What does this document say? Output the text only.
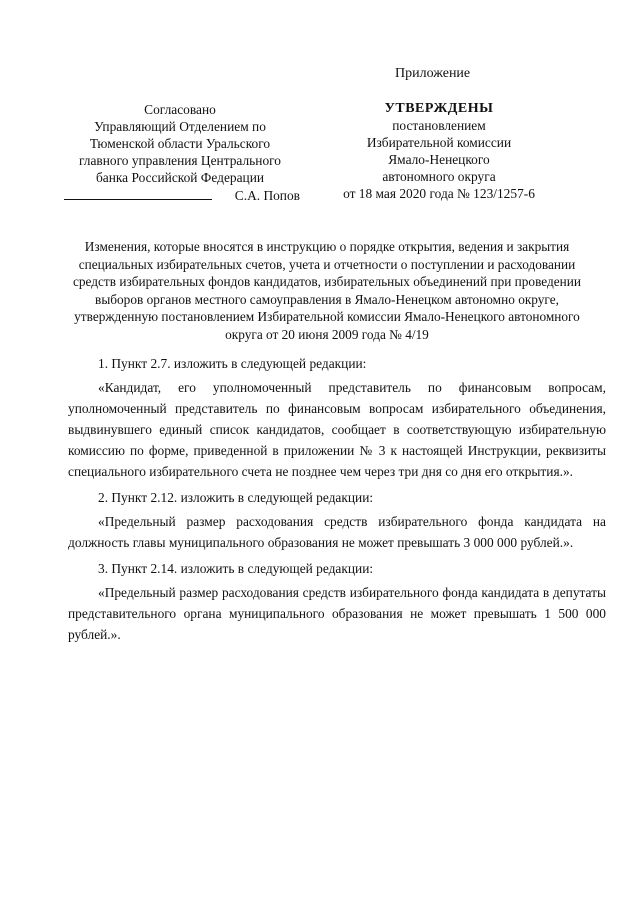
Приложение
Согласовано
Управляющий Отделением по
Тюменской области Уральского
главного управления Центрального
банка Российской Федерации
С.А. Попов
УТВЕРЖДЕНЫ
постановлением
Избирательной комиссии
Ямало-Ненецкого
автономного округа
от 18 мая 2020 года № 123/1257-6
Изменения, которые вносятся в инструкцию о порядке открытия, ведения и закрытия специальных избирательных счетов, учета и отчетности о поступлении и расходовании средств избирательных фондов кандидатов, избирательных объединений при проведении выборов органов местного самоуправления в Ямало-Ненецком автономно округе, утвержденную постановлением Избирательной комиссии Ямало-Ненецкого автономного округа от 20 июня 2009 года № 4/19

1. Пункт 2.7. изложить в следующей редакции:

«Кандидат, его уполномоченный представитель по финансовым вопросам, уполномоченный представитель по финансовым вопросам избирательного объединения, выдвинувшего единый список кандидатов, сообщает в соответствующую избирательную комиссию по форме, приведенной в приложении № 3 к настоящей Инструкции, реквизиты специального избирательного счета не позднее чем через три дня со дня его открытия.».

2. Пункт 2.12. изложить в следующей редакции:

«Предельный размер расходования средств избирательного фонда кандидата на должность главы муниципального образования не может превышать 3 000 000 рублей.».

3. Пункт 2.14. изложить в следующей редакции:

«Предельный размер расходования средств избирательного фонда кандидата в депутаты представительного органа муниципального образования не может превышать 1 500 000 рублей.».
